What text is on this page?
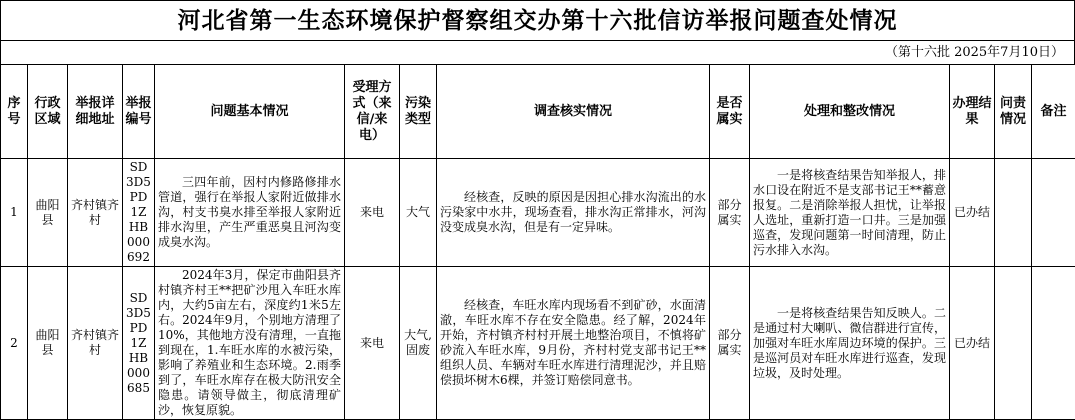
河北省第一生态环境保护督察组交办第十六批信访举报问题查处情况
（第十六批 2025年7月10日）
序号	行政区域	举报详细地址	举报编号	问题基本情况	受理方式（来信/来电）	污染类型	调查核实情况	是否属实	处理和整改情况	办理结果	问责情况	备注
1	曲阳县	齐村镇齐村	SD3D5PD1ZHB000692	三四年前，因村内修路修排水管道，强行在举报人家附近做排水沟，村支书臭水排至举报人家附近排水沟里，产生严重恶臭且河沟变成臭水沟。	来电	大气	经核查，反映的原因是因担心排水沟流出的水污染家中水井，现场查看，排水沟正常排水，河沟没变成臭水沟，但是有一定异味。	部分属实	一是将核查结果告知举报人，排水口设在附近不是支部书记王**蓄意报复。二是消除举报人担忧，让举报人选址，重新打造一口井。三是加强巡查，发现问题第一时间清理，防止污水排入水沟。	已办结		
2	曲阳县	齐村镇齐村	SD3D5PD1ZHB000685	2024年3月，保定市曲阳县齐村镇齐村王**把矿沙甩入车旺水库内，大约5亩左右，深度约1米5左右。2024年9月，个别地方清理了10%，其他地方没有清理，一直拖到现在，1.车旺水库的水被污染，影响了养殖业和生态环境。2.雨季到了，车旺水库存在极大防汛安全隐患。请领导做主，彻底清理矿沙，恢复原貌。	来电	大气,固废	经核查，车旺水库内现场看不到矿砂，水面清澈，车旺水库不存在安全隐患。经了解，2024年开始，齐村镇齐村村开展土地整治项目，不慎将矿砂流入车旺水库，9月份，齐村村党支部书记王**组织人员、车辆对车旺水库进行清理泥沙，并且赔偿损坏树木6棵，并签订赔偿同意书。	部分属实	一是将核查结果告知反映人。二是通过村大喇叭、微信群进行宣传，加强对车旺水库周边环境的保护。三是巡河员对车旺水库进行巡查，发现垃圾，及时处理。	已办结		
